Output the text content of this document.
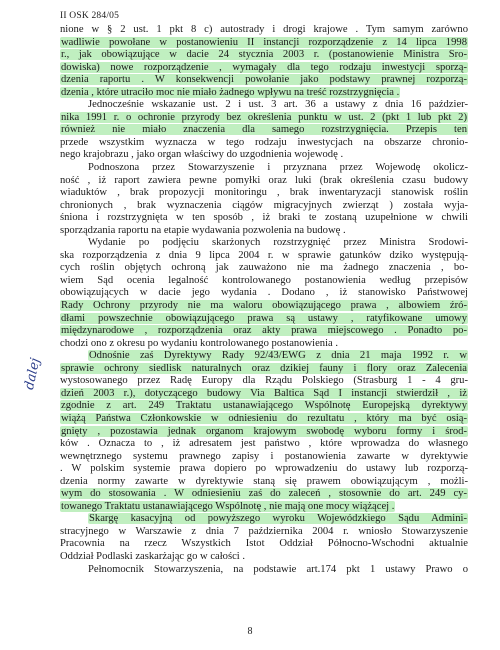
II OSK 284/05
nione w § 2 ust. 1 pkt 8 c) autostrady i drogi krajowe . Tym samym zarówno
wadliwie powołane w postanowieniu II instancji rozporządzenie z 14 lipca 1998
r., jak obowiązujące w dacie 24 stycznia 2003 r. (postanowienie Ministra Śro-
dowiska) nowe rozporządzenie , wymagały dla tego rodzaju inwestycji sporzą-
dzenia raportu . W konsekwencji powołanie jako podstawy prawnej rozporzą-
dzenia , które utraciło moc nie miało żadnego wpływu na treść rozstrzygnięcia .
Jednocześnie wskazanie ust. 2 i ust. 3 art. 36 a ustawy z dnia 16 paździer-
nika 1991 r. o ochronie przyrody bez określenia punktu w ust. 2 (pkt 1 lub pkt 2)
również nie miało znaczenia dla samego rozstrzygnięcia. Przepis ten
przede wszystkim wyznacza w tego rodzaju inwestycjach na obszarze chronio-
nego krajobrazu , jako organ właściwy do uzgodnienia wojewodę .
Podnoszona przez Stowarzyszenie i przyznana przez Wojewodę okolicz-
ność , iż raport zawiera pewne pomyłki oraz luki (brak określenia czasu budowy
wiaduktów , brak propozycji monitoringu , brak inwentaryzacji stanowisk roślin
chronionych , brak wyznaczenia ciągów migracyjnych zwierząt ) została wyja-
śniona i rozstrzygnięta w ten sposób , iż braki te zostaną uzupełnione w chwili
sporządzania raportu na etapie wydawania pozwolenia na budowę .
Wydanie po podjęciu skarżonych rozstrzygnięć przez Ministra Środowi-
ska rozporządzenia z dnia 9 lipca 2004 r. w sprawie gatunków dziko występują-
cych roślin objętych ochroną jak zauważono nie ma żadnego znaczenia , bo-
wiem Sąd ocenia legalność kontrolowanego postanowienia według przepisów
obowiązujących w dacie jego wydania . Dodano , iż stanowisko Państwowej
Rady Ochrony przyrody nie ma waloru obowiązującego prawa , albowiem źró-
dłami powszechnie obowiązującego prawa są ustawy , ratyfikowane umowy
międzynarodowe , rozporządzenia oraz akty prawa miejscowego . Ponadto po-
chodzi ono z okresu po wydaniu kontrolowanego postanowienia .
Odnośnie zaś Dyrektywy Rady 92/43/EWG z dnia 21 maja 1992 r. w
sprawie ochrony siedlisk naturalnych oraz dzikiej fauny i flory oraz Zalecenia
wystosowanego przez Radę Europy dla Rządu Polskiego (Strasburg 1 - 4 gru-
dzień 2003 r.), dotyczącego budowy Via Baltica Sąd I instancji stwierdził , iż
zgodnie z art. 249 Traktatu ustanawiającego Wspólnotę Europejską dyrektywy
wiążą Państwa Członkowskie w odniesieniu do rezultatu , który ma być osią-
gnięty , pozostawia jednak organom krajowym swobodę wyboru formy i środ-
ków . Oznacza to , iż adresatem jest państwo , które wprowadza do własnego
wewnętrznego systemu prawnego zapisy i postanowienia zawarte w dyrektywie
. W polskim systemie prawa dopiero po wprowadzeniu do ustawy lub rozporzą-
dzenia normy zawarte w dyrektywie staną się prawem obowiązującym , możli-
wym do stosowania . W odniesieniu zaś do zaleceń , stosownie do art. 249 cy-
towanego Traktatu ustanawiającego Wspólnotę , nie mają one mocy wiążącej .
Skargę kasacyjną od powyższego wyroku Wojewódzkiego Sądu Admini-
stracyjnego w Warszawie z dnia 7 października 2004 r. wniosło Stowarzyszenie
Pracownia na rzecz Wszystkich Istot Oddział Północno-Wschodni aktualnie
Oddział Podlaski zaskarżając go w całości .
Pełnomocnik Stowarzyszenia, na podstawie art.174 pkt 1 ustawy Prawo o
dalej
8
